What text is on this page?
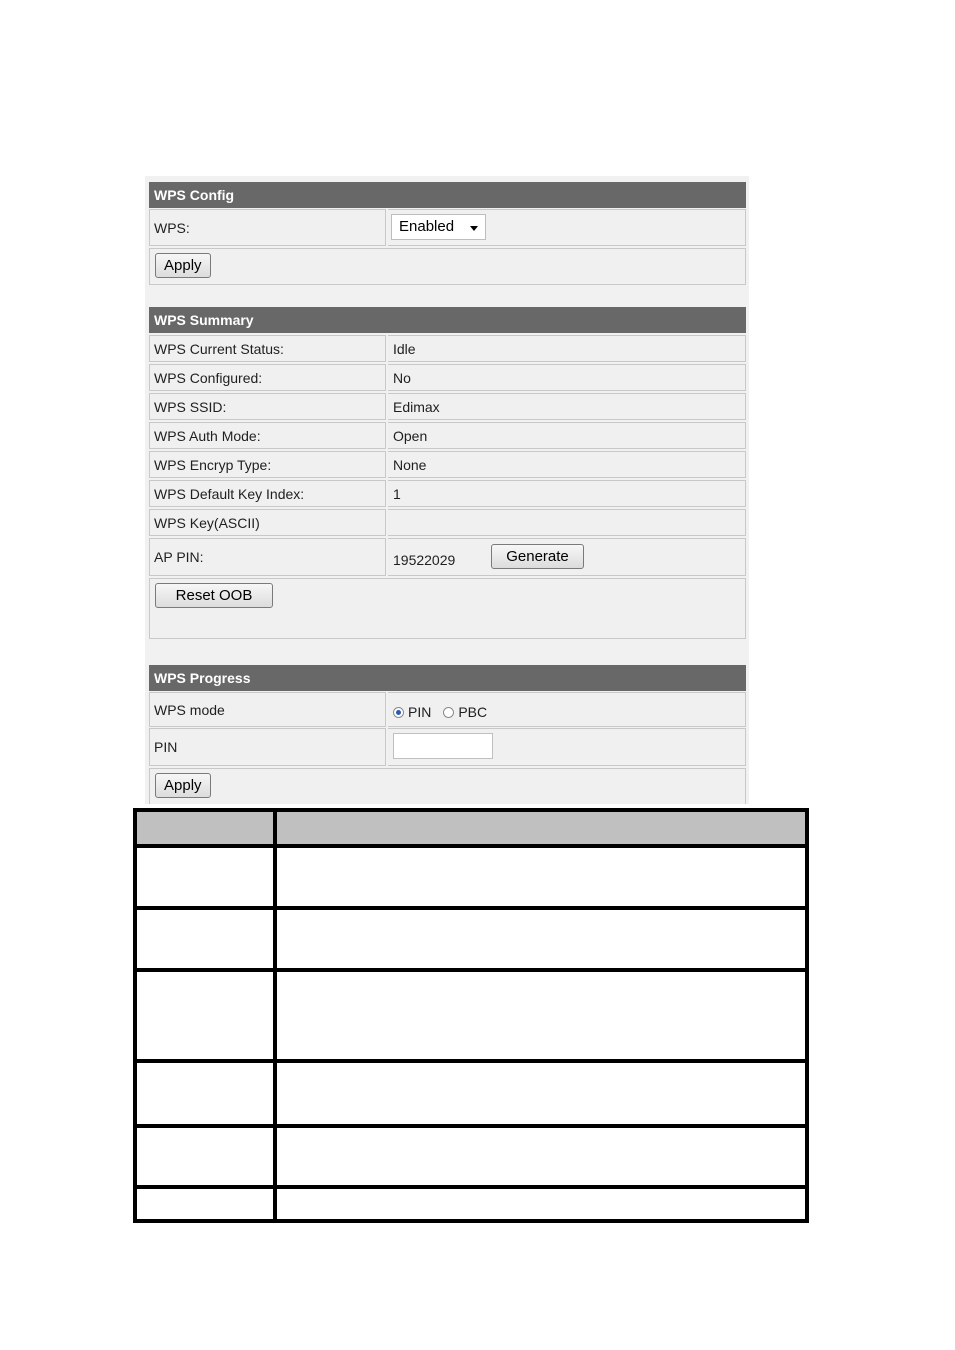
WPS Config
WPS:	Enabled
Apply
WPS Summary
WPS Current Status:	Idle
WPS Configured:	No
WPS SSID:	Edimax
WPS Auth Mode:	Open
WPS Encryp Type:	None
WPS Default Key Index:	1
WPS Key(ASCII)
AP PIN:	19522029	Generate
Reset OOB
WPS Progress
WPS mode	PIN	PBC
PIN
Apply
